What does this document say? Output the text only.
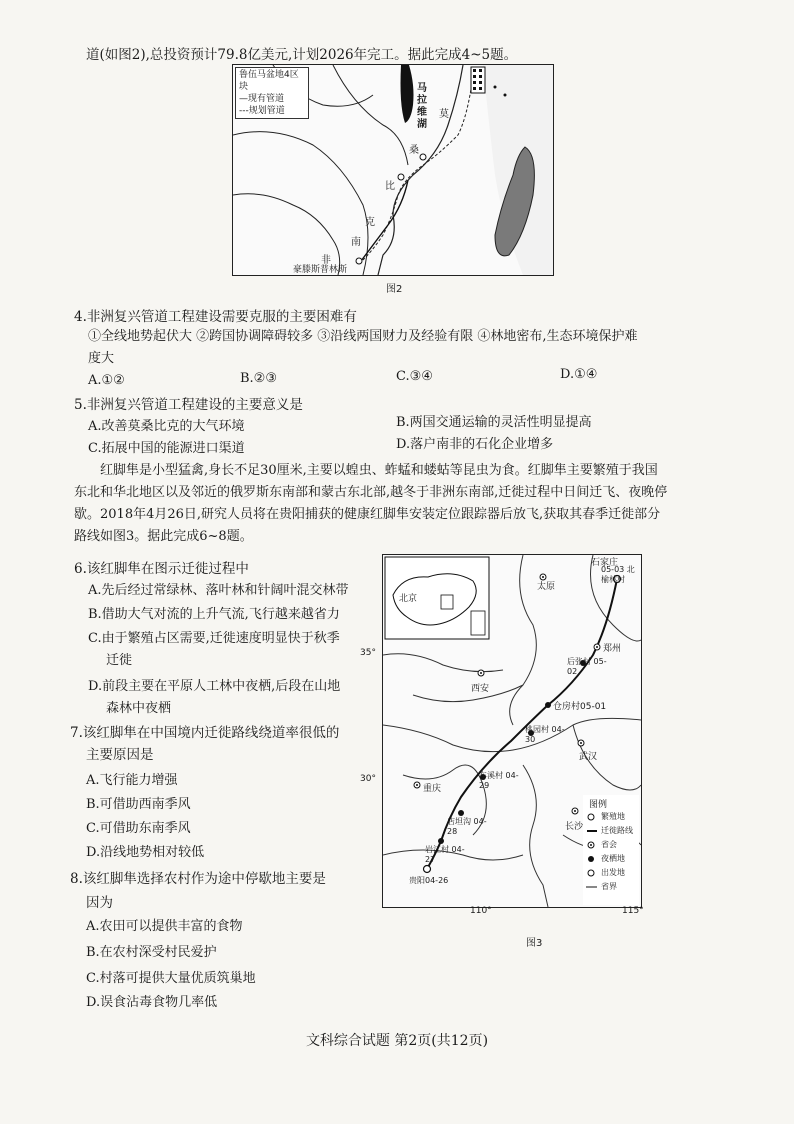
道(如图2),总投资预计79.8亿美元,计划2026年完工。据此完成4~5题。
鲁伍马盆地4区块
—现有管道
---规划管道
马
拉
维
湖
莫
桑
比
克
南
非
豪滕斯普林斯
图2
4.非洲复兴管道工程建设需要克服的主要困难有
①全线地势起伏大 ②跨国协调障碍较多 ③沿线两国财力及经验有限 ④林地密布,生态环境保护难
度大
A.①②	B.②③	C.③④	D.①④
5.非洲复兴管道工程建设的主要意义是
A.改善莫桑比克的大气环境	B.两国交通运输的灵活性明显提高
C.拓展中国的能源进口渠道	D.落户南非的石化企业增多
红脚隼是小型猛禽,身长不足30厘米,主要以蝗虫、蚱蜢和蝼蛄等昆虫为食。红脚隼主要繁殖于我国
东北和华北地区以及邻近的俄罗斯东南部和蒙古东北部,越冬于非洲东南部,迁徙过程中日间迁飞、夜晚停
歇。2018年4月26日,研究人员将在贵阳捕获的健康红脚隼安装定位跟踪器后放飞,获取其春季迁徙部分
路线如图3。据此完成6~8题。
6.该红脚隼在图示迁徙过程中
A.先后经过常绿林、落叶林和针阔叶混交林带
B.借助大气对流的上升气流,飞行越来越省力
C.由于繁殖占区需要,迁徙速度明显快于秋季
迁徙
D.前段主要在平原人工林中夜栖,后段在山地
森林中夜栖
7.该红脚隼在中国境内迁徙路线绕道率很低的
主要原因是
A.飞行能力增强
B.可借助西南季风
C.可借助东南季风
D.沿线地势相对较低
8.该红脚隼选择农村作为途中停歇地主要是
因为
A.农田可以提供丰富的食物
B.在农村深受村民爱护
C.村落可提供大量优质筑巢地
D.误食沾毒食物几率低
北京
石家庄
太原
05-03 北榆林村
郑州
后张村 05-02
西安
仓房村05-01
桃园村 04-30
武汉
车溪村 04-29
重庆
长沙
店坦沟 04-28
岩江村 04-27
贵阳04-26
图例
繁殖地
迁徙路线
省会
夜栖地
出发地
省界
35°
30°
110°	115°
图3
文科综合试题 第2页(共12页)
